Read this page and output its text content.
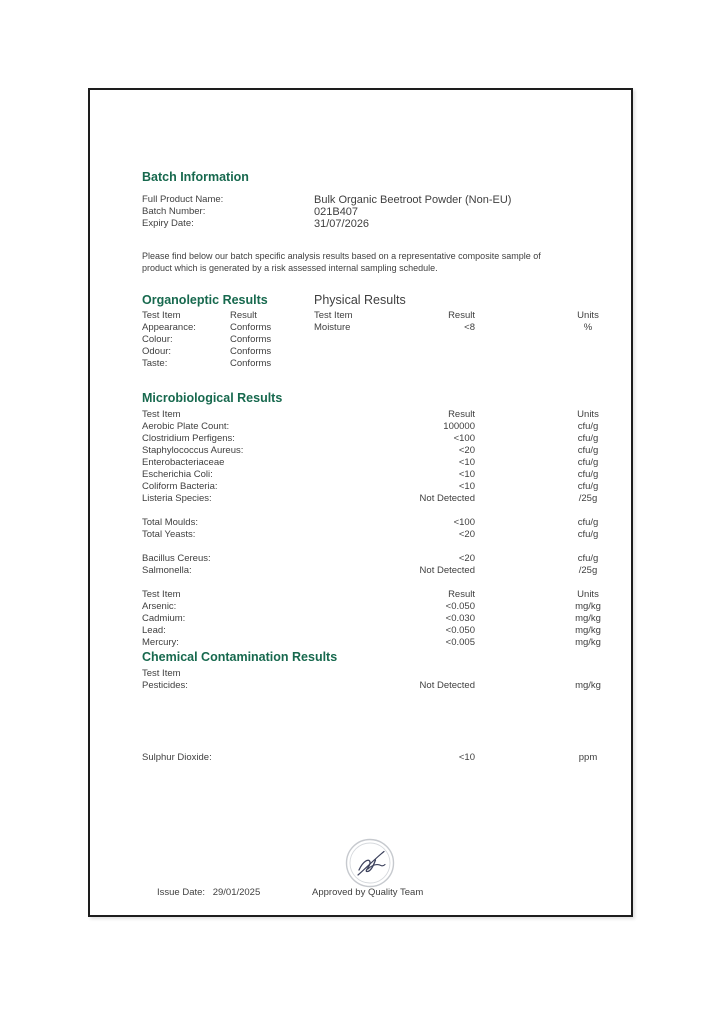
Batch Information
Full Product Name:	Bulk Organic Beetroot Powder (Non-EU)
Batch Number:	021B407
Expiry Date:	31/07/2026
Please find below our batch specific analysis results based on a representative composite sample of product which is generated by a risk assessed internal sampling schedule.
Organoleptic Results
Test Item	Result
Appearance:	Conforms
Colour:	Conforms
Odour:	Conforms
Taste:	Conforms
Physical Results
Test Item	Result	Units
Moisture	<8	%
Microbiological Results
Test Item	Result	Units
Aerobic Plate Count:	100000	cfu/g
Clostridium Perfigens:	<100	cfu/g
Staphylococcus Aureus:	<20	cfu/g
Enterobacteriaceae	<10	cfu/g
Escherichia Coli:	<10	cfu/g
Coliform Bacteria:	<10	cfu/g
Listeria Species:	Not Detected	/25g
Total Moulds:	<100	cfu/g
Total Yeasts:	<20	cfu/g
Bacillus Cereus:	<20	cfu/g
Salmonella:	Not Detected	/25g
Test Item	Result	Units
Arsenic:	<0.050	mg/kg
Cadmium:	<0.030	mg/kg
Lead:	<0.050	mg/kg
Mercury:	<0.005	mg/kg
Chemical Contamination Results
Test Item
Pesticides:	Not Detected	mg/kg
Sulphur Dioxide:	<10	ppm
Issue Date: 29/01/2025	Approved by Quality Team
